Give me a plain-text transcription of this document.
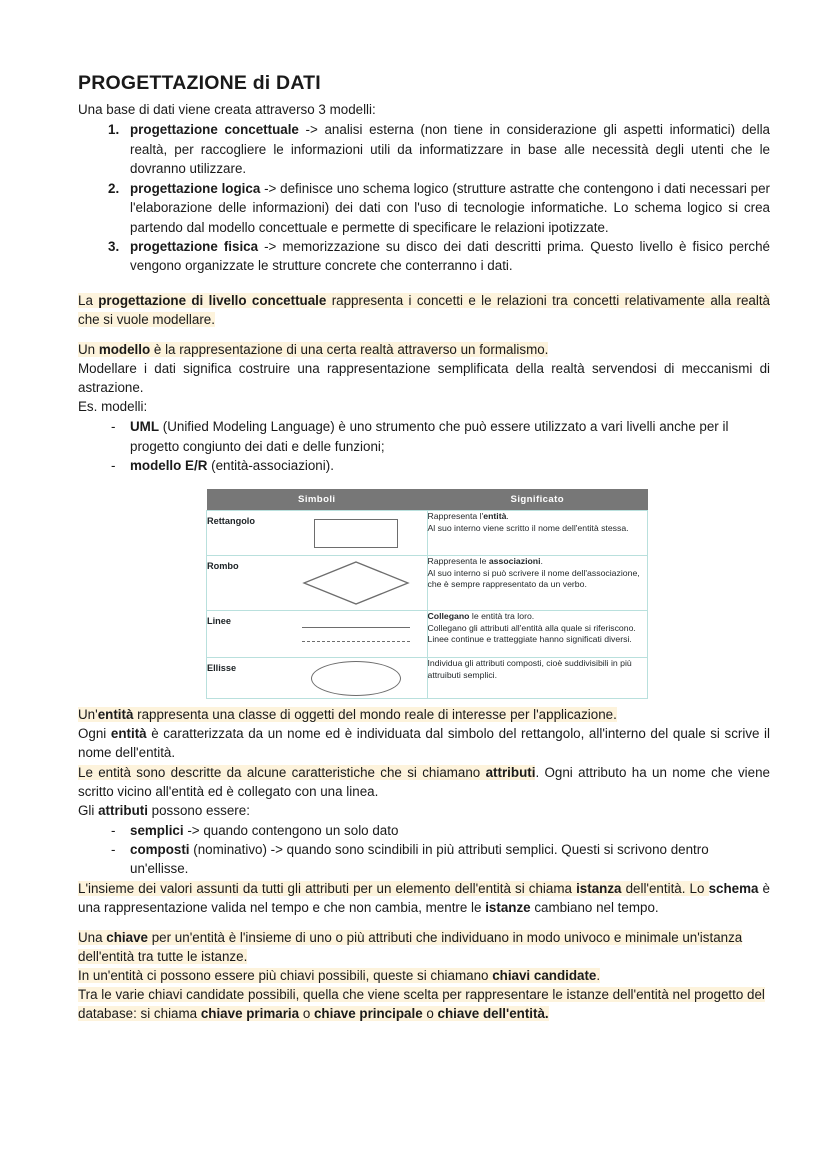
PROGETTAZIONE di DATI

Una base di dati viene creata attraverso 3 modelli:

progettazione concettuale -> analisi esterna (non tiene in considerazione gli aspetti informatici) della realtà, per raccogliere le informazioni utili da informatizzare in base alle necessità degli utenti che le dovranno utilizzare.
progettazione logica -> definisce uno schema logico (strutture astratte che contengono i dati necessari per l'elaborazione delle informazioni) dei dati con l'uso di tecnologie informatiche. Lo schema logico si crea partendo dal modello concettuale e permette di specificare le relazioni ipotizzate.
progettazione fisica -> memorizzazione su disco dei dati descritti prima. Questo livello è fisico perché vengono organizzate le strutture concrete che conterranno i dati.

La progettazione di livello concettuale rappresenta i concetti e le relazioni tra concetti relativamente alla realtà che si vuole modellare.

Un modello è la rappresentazione di una certa realtà attraverso un formalismo.

Modellare i dati significa costruire una rappresentazione semplificata della realtà servendosi di meccanismi di astrazione.

Es. modelli:

- UML (Unified Modeling Language) è uno strumento che può essere utilizzato a vari livelli anche per il progetto congiunto dei dati e delle funzioni;
- modello E/R (entità-associazioni).
Simboli	Significato
Rettangolo	Rappresenta l'entità.
Al suo interno viene scritto il nome dell'entità stessa.

Rombo	Rappresenta le associazioni.
Al suo interno si può scrivere il nome dell'associazione,
che è sempre rappresentato da un verbo.

Linee	Collegano le entità tra loro.
Collegano gli attributi all'entità alla quale si riferiscono.
Linee continue e tratteggiate hanno significati diversi.

Ellisse	Individua gli attributi composti, cioè suddivisibili in più
attruibuti semplici.

Un'entità rappresenta una classe di oggetti del mondo reale di interesse per l'applicazione.

Ogni entità è caratterizzata da un nome ed è individuata dal simbolo del rettangolo, all'interno del quale si scrive il nome dell'entità.

Le entità sono descritte da alcune caratteristiche che si chiamano attributi. Ogni attributo ha un nome che viene scritto vicino all'entità ed è collegato con una linea.

Gli attributi possono essere:

- semplici -> quando contengono un solo dato
- composti (nominativo) -> quando sono scindibili in più attributi semplici. Questi si scrivono dentro un'ellisse.

L'insieme dei valori assunti da tutti gli attributi per un elemento dell'entità si chiama istanza dell'entità. Lo schema è una rappresentazione valida nel tempo e che non cambia, mentre le istanze cambiano nel tempo.

Una chiave per un'entità è l'insieme di uno o più attributi che individuano in modo univoco e minimale un'istanza dell'entità tra tutte le istanze.

In un'entità ci possono essere più chiavi possibili, queste si chiamano chiavi candidate.

Tra le varie chiavi candidate possibili, quella che viene scelta per rappresentare le istanze dell'entità nel progetto del database: si chiama chiave primaria o chiave principale o chiave dell'entità.
